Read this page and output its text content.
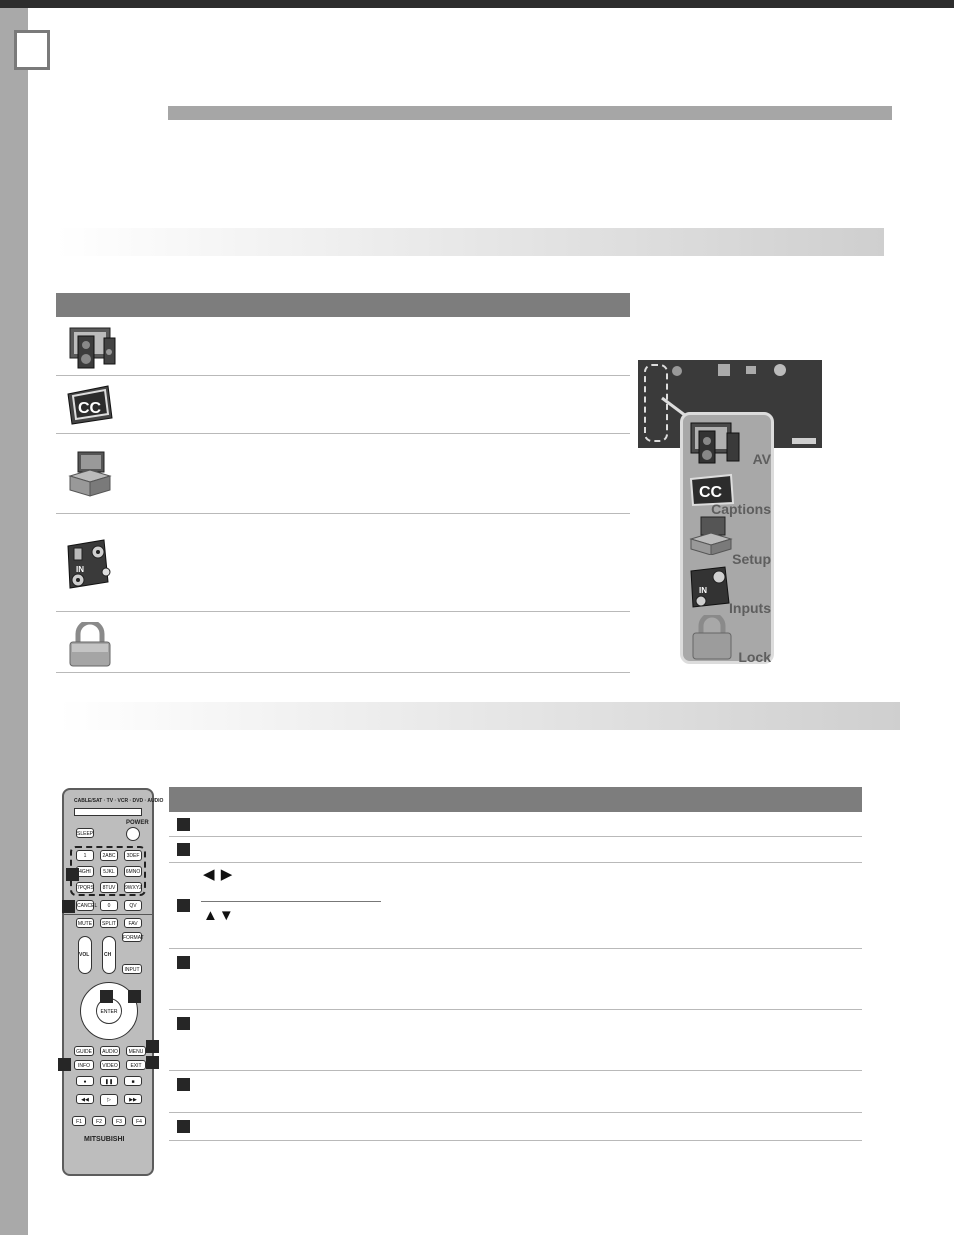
CC
IN
AV
CC
Captions
Setup
IN
Inputs
Lock
CABLE/SAT · TV · VCR · DVD · AUDIO
POWER
SLEEP
1	2ABC	3DEF
4GHI	5JKL	6MNO
7PQRS	8TUV	9WXYZ
CANCEL	0	QV
MUTE	SPLIT	FAV
FORMAT
VOL	CH
INPUT
ENTER
GUIDE	AUDIO	MENU
INFO	VIDEO	EXIT
●	❚❚	■
◀◀	▷	▶▶
F1	F2	F3	F4
MITSUBISHI
◀ ▶
▲▼
